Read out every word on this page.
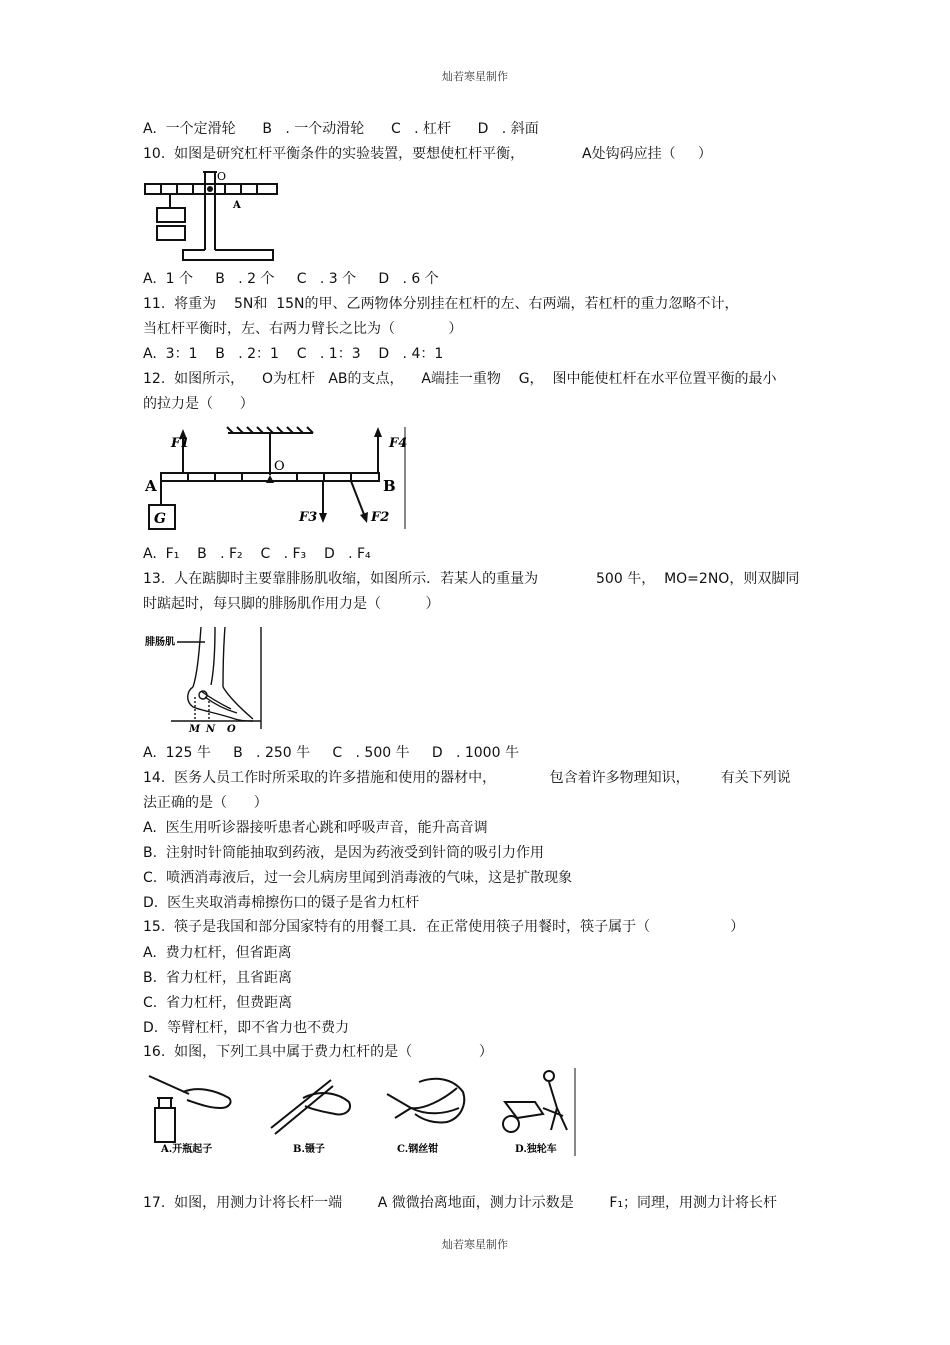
灿若寒星制作
A.  一个定滑轮      B   . 一个动滑轮      C   . 杠杆      D   . 斜面
10.  如图是研究杠杆平衡条件的实验装置，要想使杠杆平衡，             A处钩码应挂（     ）
O
A
A.  1 个     B   . 2 个     C   . 3 个     D   . 6 个
11.  将重为    5N和  15N的甲、乙两物体分别挂在杠杆的左、右两端，若杠杆的重力忽略不计，
当杠杆平衡时，左、右两力臂长之比为（            ）
A.  3：1    B   . 2：1    C   . 1：3    D   . 4：1
12.  如图所示，    O为杠杆   AB的支点，    A端挂一重物    G，  图中能使杠杆在水平位置平衡的最小
的拉力是（      ）
F1	F4
F3	F2
A	B
O
G
A.  F₁    B   . F₂    C   . F₃    D   . F₄
13.  人在踮脚时主要靠腓肠肌收缩，如图所示．若某人的重量为             500 牛，  MO=2NO，则双脚同
时踮起时，每只脚的腓肠肌作用力是（          ）
腓肠肌
M N O
A.  125 牛     B   . 250 牛     C   . 500 牛     D   . 1000 牛
14.  医务人员工作时所采取的许多措施和使用的器材中，            包含着许多物理知识，       有关下列说
法正确的是（      ）
A.  医生用听诊器接听患者心跳和呼吸声音，能升高音调
B.  注射时针筒能抽取到药液，是因为药液受到针筒的吸引力作用
C.  喷洒消毒液后，过一会儿病房里闻到消毒液的气味，这是扩散现象
D.  医生夹取消毒棉擦伤口的镊子是省力杠杆
15.  筷子是我国和部分国家特有的用餐工具．在正常使用筷子用餐时，筷子属于（                  ）
A.  费力杠杆，但省距离
B.  省力杠杆，且省距离
C.  省力杠杆，但费距离
D.  等臂杠杆，即不省力也不费力
16.  如图，下列工具中属于费力杠杆的是（               ）
A.开瓶起子	B.镊子	C.钢丝钳	D.独轮车
17.  如图，用测力计将长杆一端        A 微微抬离地面，测力计示数是        F₁；同理，用测力计将长杆
灿若寒星制作
